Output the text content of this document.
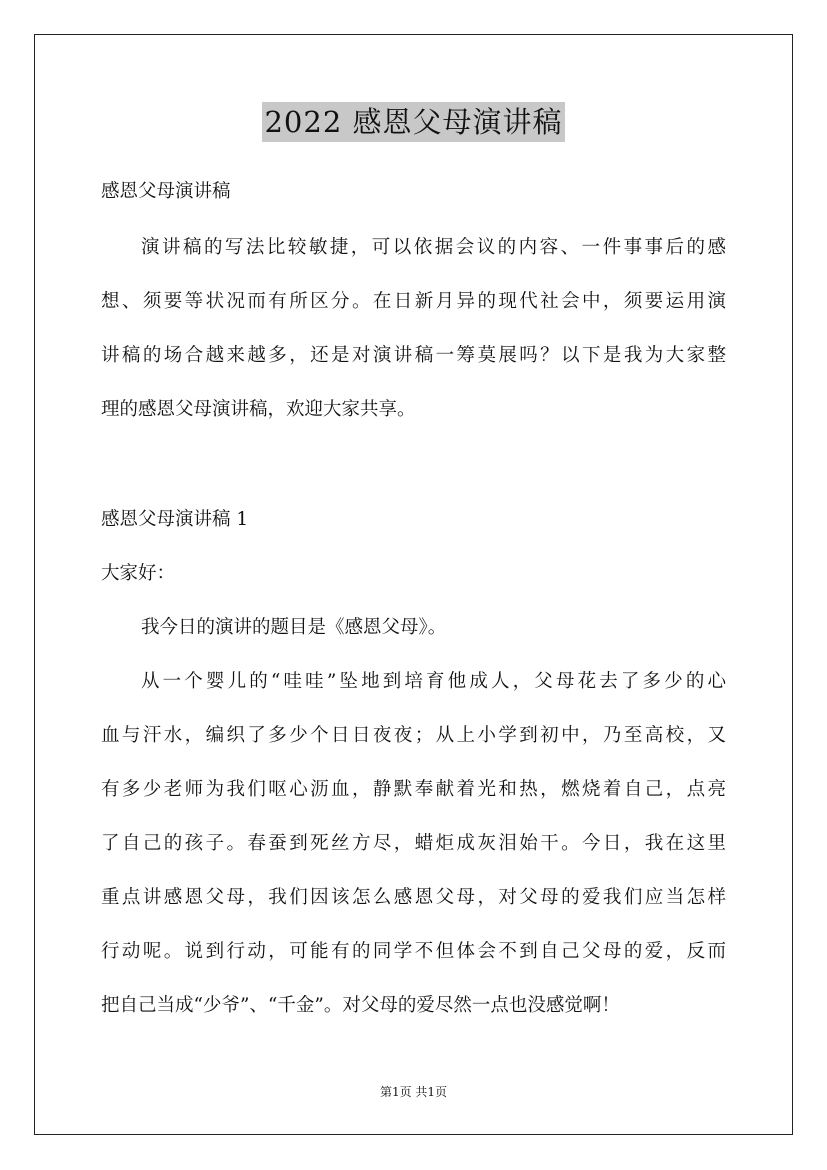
2022 感恩父母演讲稿
感恩父母演讲稿
演讲稿的写法比较敏捷，可以依据会议的内容、一件事事后的感
想、须要等状况而有所区分。在日新月异的现代社会中，须要运用演
讲稿的场合越来越多，还是对演讲稿一筹莫展吗？以下是我为大家整
理的感恩父母演讲稿，欢迎大家共享。
感恩父母演讲稿 1
大家好：
我今日的演讲的题目是《感恩父母》。
从一个婴儿的“哇哇”坠地到培育他成人，父母花去了多少的心
血与汗水，编织了多少个日日夜夜；从上小学到初中，乃至高校，又
有多少老师为我们呕心沥血，静默奉献着光和热，燃烧着自己，点亮
了自己的孩子。春蚕到死丝方尽，蜡炬成灰泪始干。今日，我在这里
重点讲感恩父母，我们因该怎么感恩父母，对父母的爱我们应当怎样
行动呢。说到行动，可能有的同学不但体会不到自己父母的爱，反而
把自己当成“少爷”、“千金”。对父母的爱尽然一点也没感觉啊！
第1页 共1页
